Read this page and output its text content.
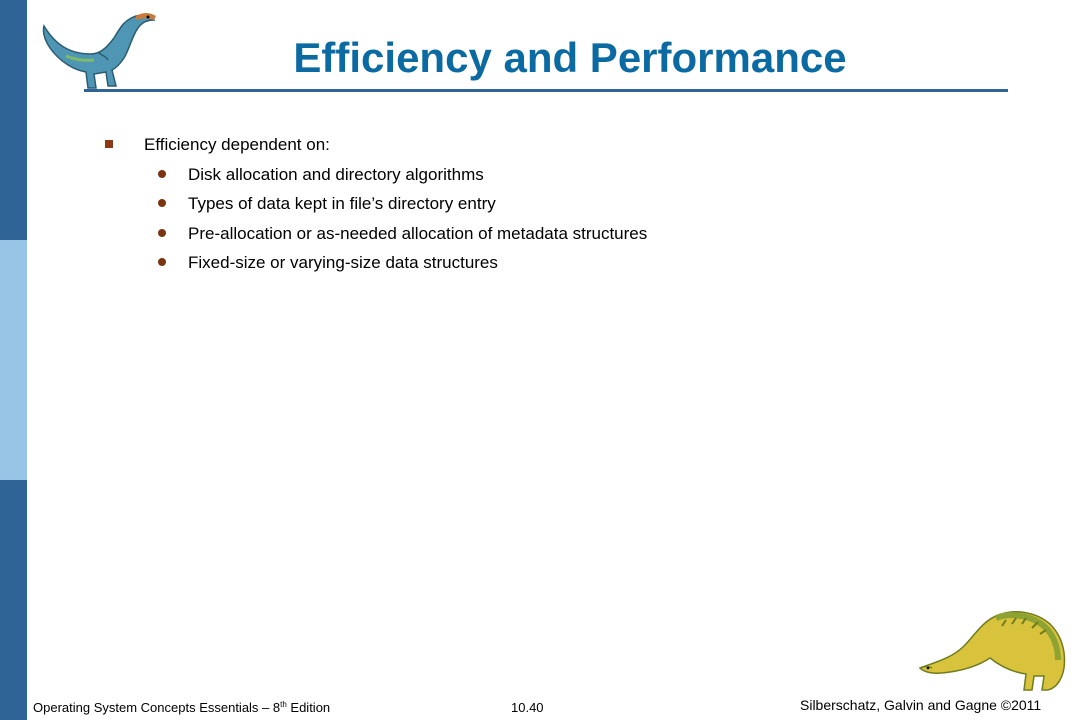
Efficiency and Performance
Efficiency dependent on:
Disk allocation and directory algorithms
Types of data kept in file’s directory entry
Pre-allocation or as-needed allocation of metadata structures
Fixed-size or varying-size data structures
Operating System Concepts Essentials – 8th Edition	10.40	Silberschatz, Galvin and Gagne ©2011
